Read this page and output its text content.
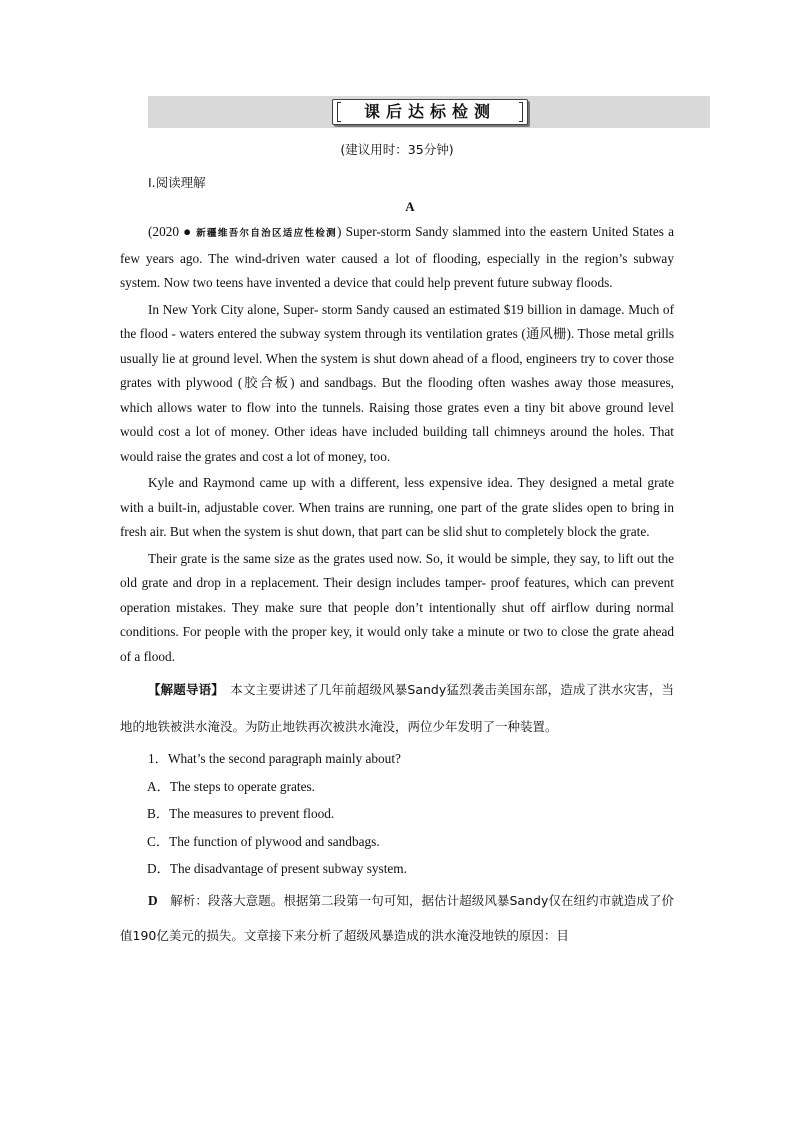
课后达标检测
(建议用时：35分钟)
Ⅰ.阅读理解
A

(2020 ● 新疆维吾尔自治区适应性检测) Super-storm Sandy slammed into the eastern United States a few years ago. The wind-driven water caused a lot of flooding, especially in the region’s subway system. Now two teens have invented a device that could help prevent future subway floods.

In New York City alone, Super- storm Sandy caused an estimated $19 billion in damage. Much of the flood - waters entered the subway system through its ventilation grates (通风栅). Those metal grills usually lie at ground level. When the system is shut down ahead of a flood, engineers try to cover those grates with plywood (胶合板) and sandbags. But the flooding often washes away those measures, which allows water to flow into the tunnels. Raising those grates even a tiny bit above ground level would cost a lot of money. Other ideas have included building tall chimneys around the holes. That would raise the grates and cost a lot of money, too.

Kyle and Raymond came up with a different, less expensive idea. They designed a metal grate with a built-in, adjustable cover. When trains are running, one part of the grate slides open to bring in fresh air. But when the system is shut down, that part can be slid shut to completely block the grate.

Their grate is the same size as the grates used now. So, it would be simple, they say, to lift out the old grate and drop in a replacement. Their design includes tamper- proof features, which can prevent operation mistakes. They make sure that people don’t intentionally shut off airflow during normal conditions. For people with the proper key, it would only take a minute or two to close the grate ahead of a flood.

【解题导语】　本文主要讲述了几年前超级风暴Sandy猛烈袭击美国东部，造成了洪水灾害，当地的地铁被洪水淹没。为防止地铁再次被洪水淹没，两位少年发明了一种装置。

1．What’s the second paragraph mainly about?

A．The steps to operate grates.

B．The measures to prevent flood.

C．The function of plywood and sandbags.

D．The disadvantage of present subway system.

D　解析：段落大意题。根据第二段第一句可知，据估计超级风暴Sandy仅在纽约市就造成了价值190亿美元的损失。文章接下来分析了超级风暴造成的洪水淹没地铁的原因：目
